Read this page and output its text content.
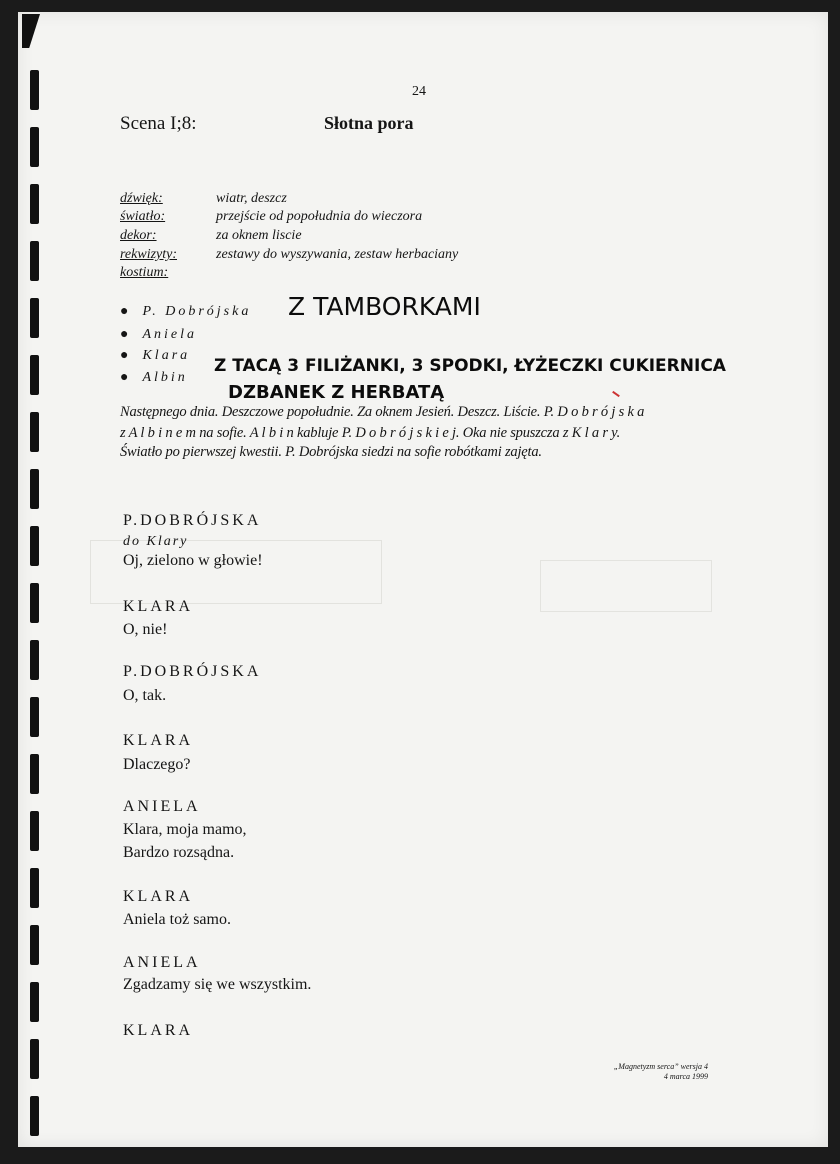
24
Scena I;8:	Słotna pora
dźwięk:	wiatr, deszcz
światło:	przejście od popołudnia do wieczora
dekor:	za oknem liscie
rekwizyty:	zestawy do wyszywania, zestaw herbaciany
kostium:
● P. Dobrójska Z TAMBORKAMI
● Aniela
● Klara
● Albin
Z TACĄ 3 FILIŻANKI, 3 SPODKI, ŁYŻECZKI CUKIERNICA
DZBANEK Z HERBATĄ
Następnego dnia. Deszczowe popołudnie. Za oknem Jesień. Deszcz. Liście. P. D o b r ó j s k a
z A l b i n e m na sofie. A l b i n kabluje P. D o b r ó j s k i e j. Oka nie spuszcza z K l a r y.
Światło po pierwszej kwestii. P. Dobrójska siedzi na sofie robótkami zajęta.
P.DOBRÓJSKA
do Klary
Oj, zielono w głowie!
KLARA
O, nie!
P.DOBRÓJSKA
O, tak.
KLARA
Dlaczego?
ANIELA
Klara, moja mamo,
Bardzo rozsądna.
KLARA
Aniela toż samo.
ANIELA
Zgadzamy się we wszystkim.
KLARA
„Magnetyzm serca” wersja 4
4 marca 1999
